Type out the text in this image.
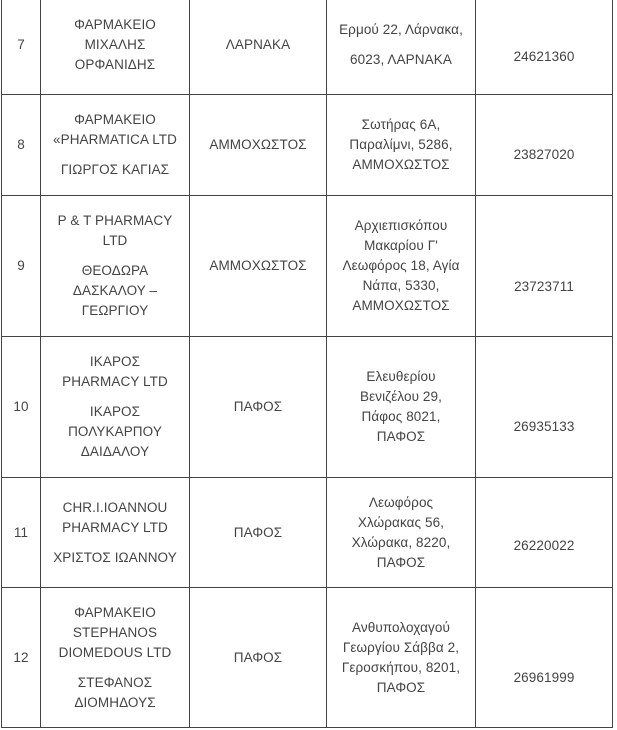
7	ΦΑΡΜΑΚΕΙΟ
ΜΙΧΑΛΗΣ
ΟΡΦΑΝΙΔΗΣ	ΛΑΡΝΑΚΑ	Ερμού 22, Λάρνακα,
6023, ΛΑΡΝΑΚΑ	24621360

8	ΦΑΡΜΑΚΕΙΟ
«PHARMATICA LTD
ΓΙΩΡΓΟΣ ΚΑΓΙΑΣ	ΑΜΜΟΧΩΣΤΟΣ	Σωτήρας 6Α,
Παραλίμνι, 5286,
ΑΜΜΟΧΩΣΤΟΣ	23827020

9	P & T PHARMACY
LTD
ΘΕΟΔΩΡΑ
ΔΑΣΚΑΛΟΥ –
ΓΕΩΡΓΙΟΥ	ΑΜΜΟΧΩΣΤΟΣ	Αρχιεπισκόπου
Μακαρίου Γ'
Λεωφόρος 18, Αγία
Νάπα, 5330,
ΑΜΜΟΧΩΣΤΟΣ	23723711

10	ΙΚΑΡΟΣ
PHARMACY LTD
ΙΚΑΡΟΣ
ΠΟΛΥΚΑΡΠΟΥ
ΔΑΙΔΑΛΟΥ	ΠΑΦΟΣ	Ελευθερίου
Βενιζέλου 29,
Πάφος 8021,
ΠΑΦΟΣ	26935133

11	CHR.I.IOANNOU
PHARMACY LTD
ΧΡΙΣΤΟΣ ΙΩΑΝΝΟΥ	ΠΑΦΟΣ	Λεωφόρος
Χλώρακας 56,
Χλώρακα, 8220,
ΠΑΦΟΣ	26220022

12	ΦΑΡΜΑΚΕΙΟ
STEPHANOS
DIOMEDOUS LTD
ΣΤΕΦΑΝΟΣ
ΔΙΟΜΗΔΟΥΣ	ΠΑΦΟΣ	Ανθυπολοχαγού
Γεωργίου Σάββα 2,
Γεροσκήπου, 8201,
ΠΑΦΟΣ	26961999
